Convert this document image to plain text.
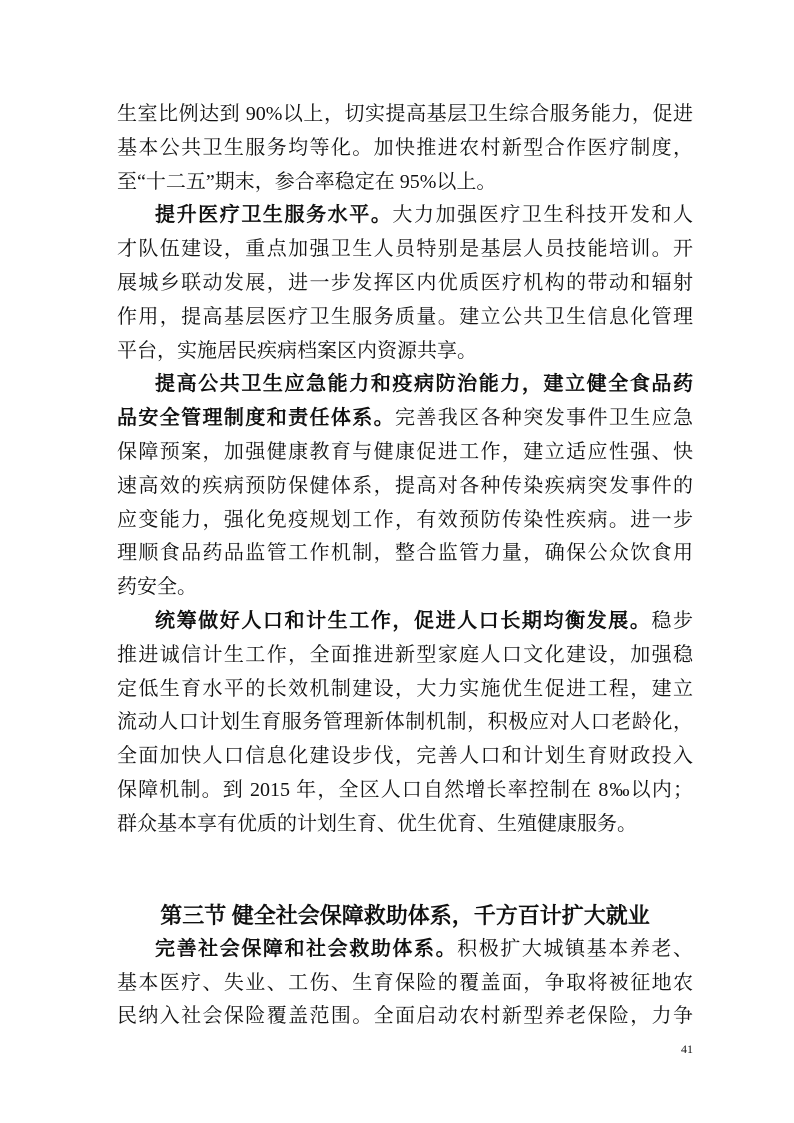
生室比例达到 90%以上，切实提高基层卫生综合服务能力，促进
基本公共卫生服务均等化。加快推进农村新型合作医疗制度，
至“十二五”期末，参合率稳定在 95%以上。
提升医疗卫生服务水平。大力加强医疗卫生科技开发和人
才队伍建设，重点加强卫生人员特别是基层人员技能培训。开
展城乡联动发展，进一步发挥区内优质医疗机构的带动和辐射
作用，提高基层医疗卫生服务质量。建立公共卫生信息化管理
平台，实施居民疾病档案区内资源共享。
提高公共卫生应急能力和疫病防治能力，建立健全食品药
品安全管理制度和责任体系。完善我区各种突发事件卫生应急
保障预案，加强健康教育与健康促进工作，建立适应性强、快
速高效的疾病预防保健体系，提高对各种传染疾病突发事件的
应变能力，强化免疫规划工作，有效预防传染性疾病。进一步
理顺食品药品监管工作机制，整合监管力量，确保公众饮食用
药安全。
统筹做好人口和计生工作，促进人口长期均衡发展。稳步
推进诚信计生工作，全面推进新型家庭人口文化建设，加强稳
定低生育水平的长效机制建设，大力实施优生促进工程，建立
流动人口计划生育服务管理新体制机制，积极应对人口老龄化，
全面加快人口信息化建设步伐，完善人口和计划生育财政投入
保障机制。到 2015 年，全区人口自然增长率控制在 8‰以内；
群众基本享有优质的计划生育、优生优育、生殖健康服务。
第三节 健全社会保障救助体系，千方百计扩大就业
完善社会保障和社会救助体系。积极扩大城镇基本养老、
基本医疗、失业、工伤、生育保险的覆盖面，争取将被征地农
民纳入社会保险覆盖范围。全面启动农村新型养老保险，力争
41
